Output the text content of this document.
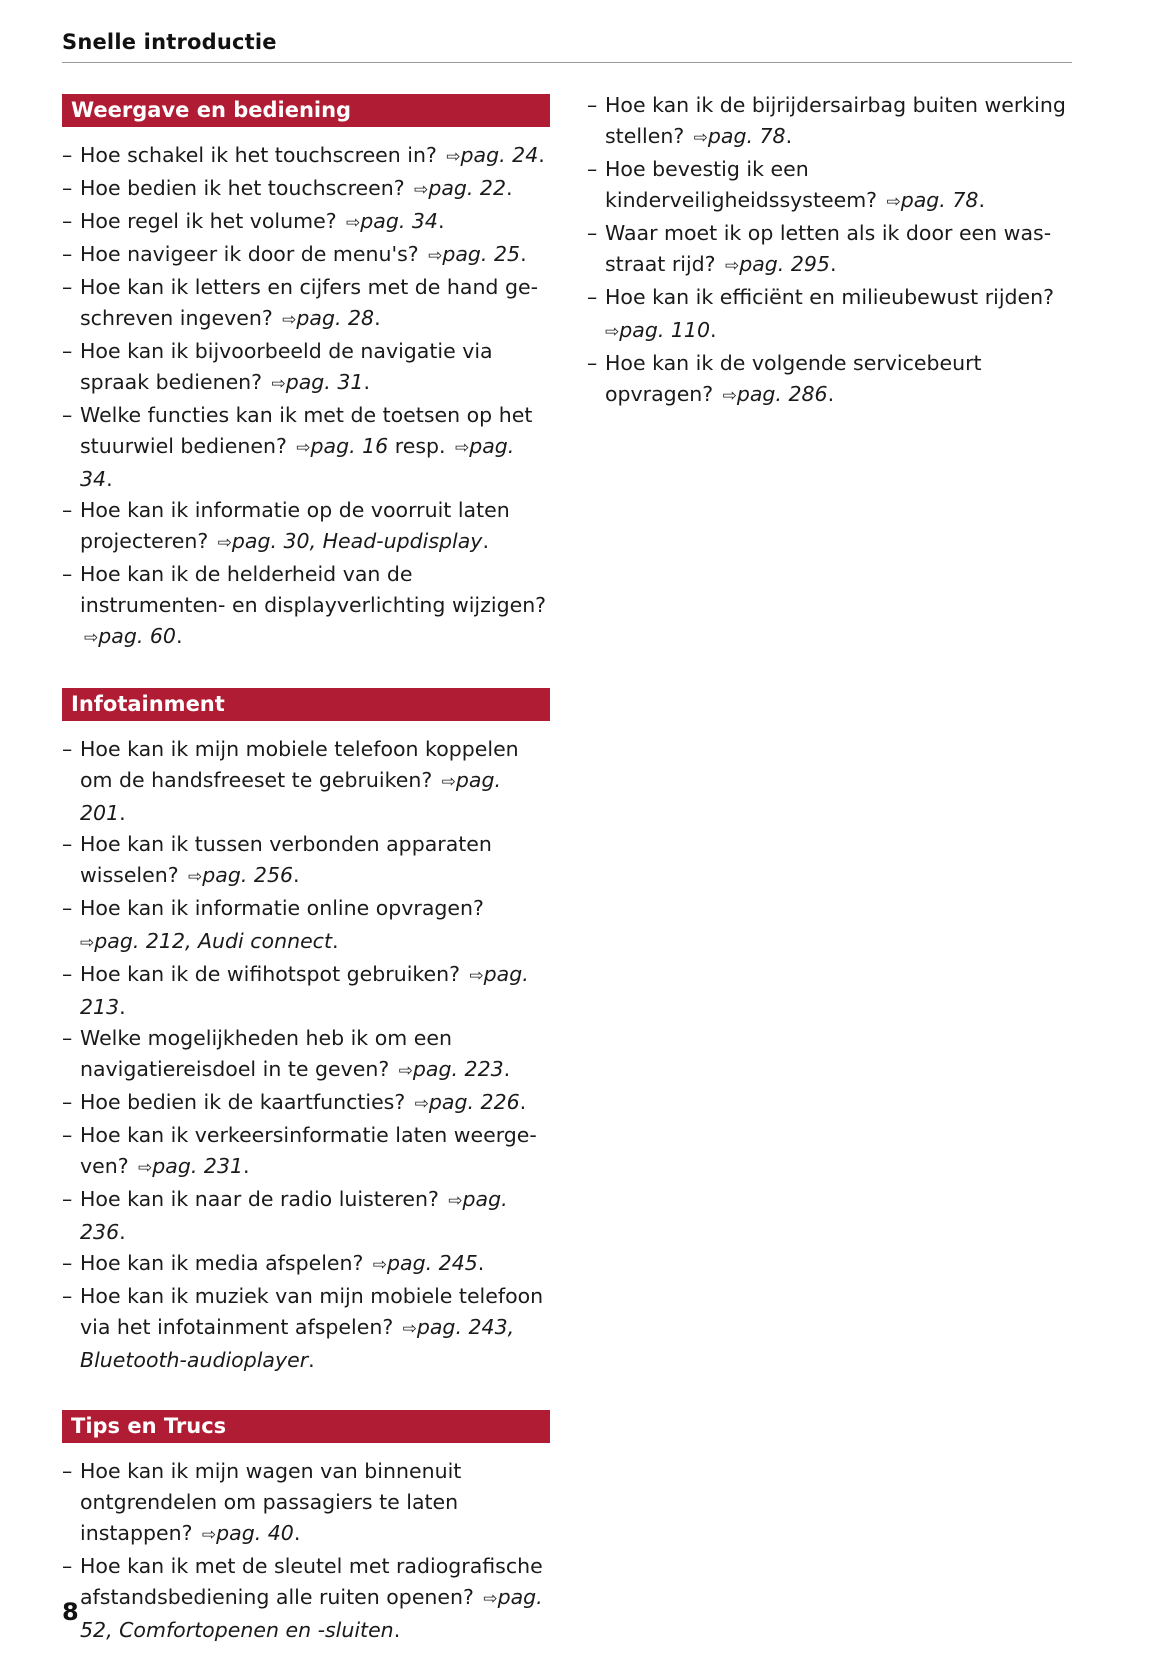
Snelle introductie
Weergave en bediening
– Hoe schakel ik het touchscreen in? ⇨pag. 24.
– Hoe bedien ik het touchscreen? ⇨pag. 22.
– Hoe regel ik het volume? ⇨pag. 34.
– Hoe navigeer ik door de menu's? ⇨pag. 25.
– Hoe kan ik letters en cijfers met de hand geschreven ingeven? ⇨pag. 28.
– Hoe kan ik bijvoorbeeld de navigatie via spraak bedienen? ⇨pag. 31.
– Welke functies kan ik met de toetsen op het stuurwiel bedienen? ⇨pag. 16 resp. ⇨pag. 34.
– Hoe kan ik informatie op de voorruit laten projecteren? ⇨pag. 30, Head-updisplay.
– Hoe kan ik de helderheid van de instrumenten- en displayverlichting wijzigen? ⇨pag. 60.
Infotainment
– Hoe kan ik mijn mobiele telefoon koppelen om de handsfreeset te gebruiken? ⇨pag. 201.
– Hoe kan ik tussen verbonden apparaten wisselen? ⇨pag. 256.
– Hoe kan ik informatie online opvragen? ⇨pag. 212, Audi connect.
– Hoe kan ik de wifihotspot gebruiken? ⇨pag. 213.
– Welke mogelijkheden heb ik om een navigatiereisdoel in te geven? ⇨pag. 223.
– Hoe bedien ik de kaartfuncties? ⇨pag. 226.
– Hoe kan ik verkeersinformatie laten weergeven? ⇨pag. 231.
– Hoe kan ik naar de radio luisteren? ⇨pag. 236.
– Hoe kan ik media afspelen? ⇨pag. 245.
– Hoe kan ik muziek van mijn mobiele telefoon via het infotainment afspelen? ⇨pag. 243, Bluetooth-audioplayer.
Tips en Trucs
– Hoe kan ik mijn wagen van binnenuit ontgrendelen om passagiers te laten instappen? ⇨pag. 40.
– Hoe kan ik met de sleutel met radiografische afstandsbediening alle ruiten openen? ⇨pag. 52, Comfortopenen en -sluiten.
– Hoe kan ik de bijrijdersairbag buiten werking stellen? ⇨pag. 78.
– Hoe bevestig ik een kinderveiligheidssysteem? ⇨pag. 78.
– Waar moet ik op letten als ik door een wasstraat rijd? ⇨pag. 295.
– Hoe kan ik efficiënt en milieubewust rijden? ⇨pag. 110.
– Hoe kan ik de volgende servicebeurt opvragen? ⇨pag. 286.
8
